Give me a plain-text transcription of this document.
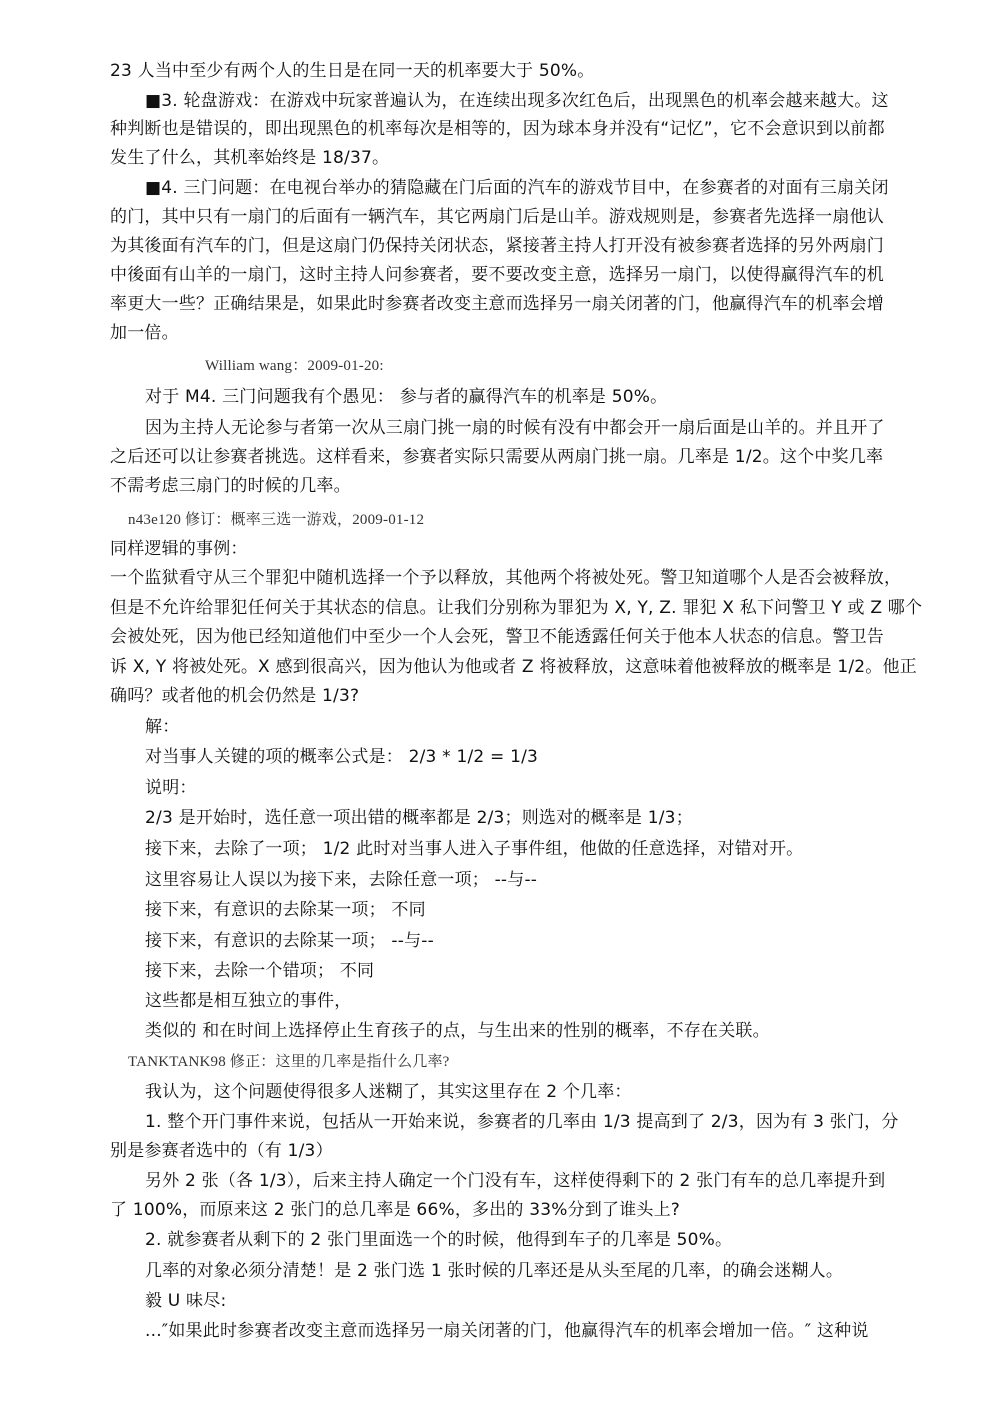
23 人当中至少有两个人的生日是在同一天的机率要大于 50%。
■3. 轮盘游戏：在游戏中玩家普遍认为，在连续出现多次红色后，出现黑色的机率会越来越大。这
种判断也是错误的，即出现黑色的机率每次是相等的，因为球本身并没有“记忆”，它不会意识到以前都
发生了什么，其机率始终是 18/37。
■4. 三门问题：在电视台举办的猜隐藏在门后面的汽车的游戏节目中，在参赛者的对面有三扇关闭
的门，其中只有一扇门的后面有一辆汽车，其它两扇门后是山羊。游戏规则是，参赛者先选择一扇他认
为其後面有汽车的门，但是这扇门仍保持关闭状态，紧接著主持人打开没有被参赛者选择的另外两扇门
中後面有山羊的一扇门，这时主持人问参赛者，要不要改变主意，选择另一扇门，以使得赢得汽车的机
率更大一些？正确结果是，如果此时参赛者改变主意而选择另一扇关闭著的门，他赢得汽车的机率会增
加一倍。
William wang：2009-01-20:
对于 M4. 三门问题我有个愚见： 参与者的赢得汽车的机率是 50%。
因为主持人无论参与者第一次从三扇门挑一扇的时候有没有中都会开一扇后面是山羊的。并且开了
之后还可以让参赛者挑选。这样看来，参赛者实际只需要从两扇门挑一扇。几率是 1/2。这个中奖几率
不需考虑三扇门的时候的几率。
n43e120 修订：概率三选一游戏，2009-01-12
同样逻辑的事例：
一个监狱看守从三个罪犯中随机选择一个予以释放，其他两个将被处死。警卫知道哪个人是否会被释放，
但是不允许给罪犯任何关于其状态的信息。让我们分别称为罪犯为 X, Y, Z. 罪犯 X 私下问警卫 Y 或 Z 哪个
会被处死，因为他已经知道他们中至少一个人会死，警卫不能透露任何关于他本人状态的信息。警卫告
诉 X, Y 将被处死。X 感到很高兴，因为他认为他或者 Z 将被释放，这意味着他被释放的概率是 1/2。他正
确吗？或者他的机会仍然是 1/3?
解：
对当事人关键的项的概率公式是： 2/3 * 1/2 = 1/3
说明：
2/3 是开始时，选任意一项出错的概率都是 2/3；则选对的概率是 1/3；
接下来，去除了一项； 1/2 此时对当事人进入子事件组，他做的任意选择，对错对开。
这里容易让人误以为接下来，去除任意一项； --与--
接下来，有意识的去除某一项； 不同
接下来，有意识的去除某一项； --与--
接下来，去除一个错项； 不同
这些都是相互独立的事件，
类似的 和在时间上选择停止生育孩子的点，与生出来的性别的概率，不存在关联。
TANKTANK98 修正：这里的几率是指什么几率?
我认为，这个问题使得很多人迷糊了，其实这里存在 2 个几率：
1. 整个开门事件来说，包括从一开始来说，参赛者的几率由 1/3 提高到了 2/3，因为有 3 张门，分
别是参赛者选中的（有 1/3）
另外 2 张（各 1/3），后来主持人确定一个门没有车，这样使得剩下的 2 张门有车的总几率提升到
了 100%，而原来这 2 张门的总几率是 66%，多出的 33%分到了谁头上?
2. 就参赛者从剩下的 2 张门里面选一个的时候，他得到车子的几率是 50%。
几率的对象必须分清楚！是 2 张门选 1 张时候的几率还是从头至尾的几率，的确会迷糊人。
毅 U 味尽:
...″如果此时参赛者改变主意而选择另一扇关闭著的门，他赢得汽车的机率会增加一倍。″ 这种说
